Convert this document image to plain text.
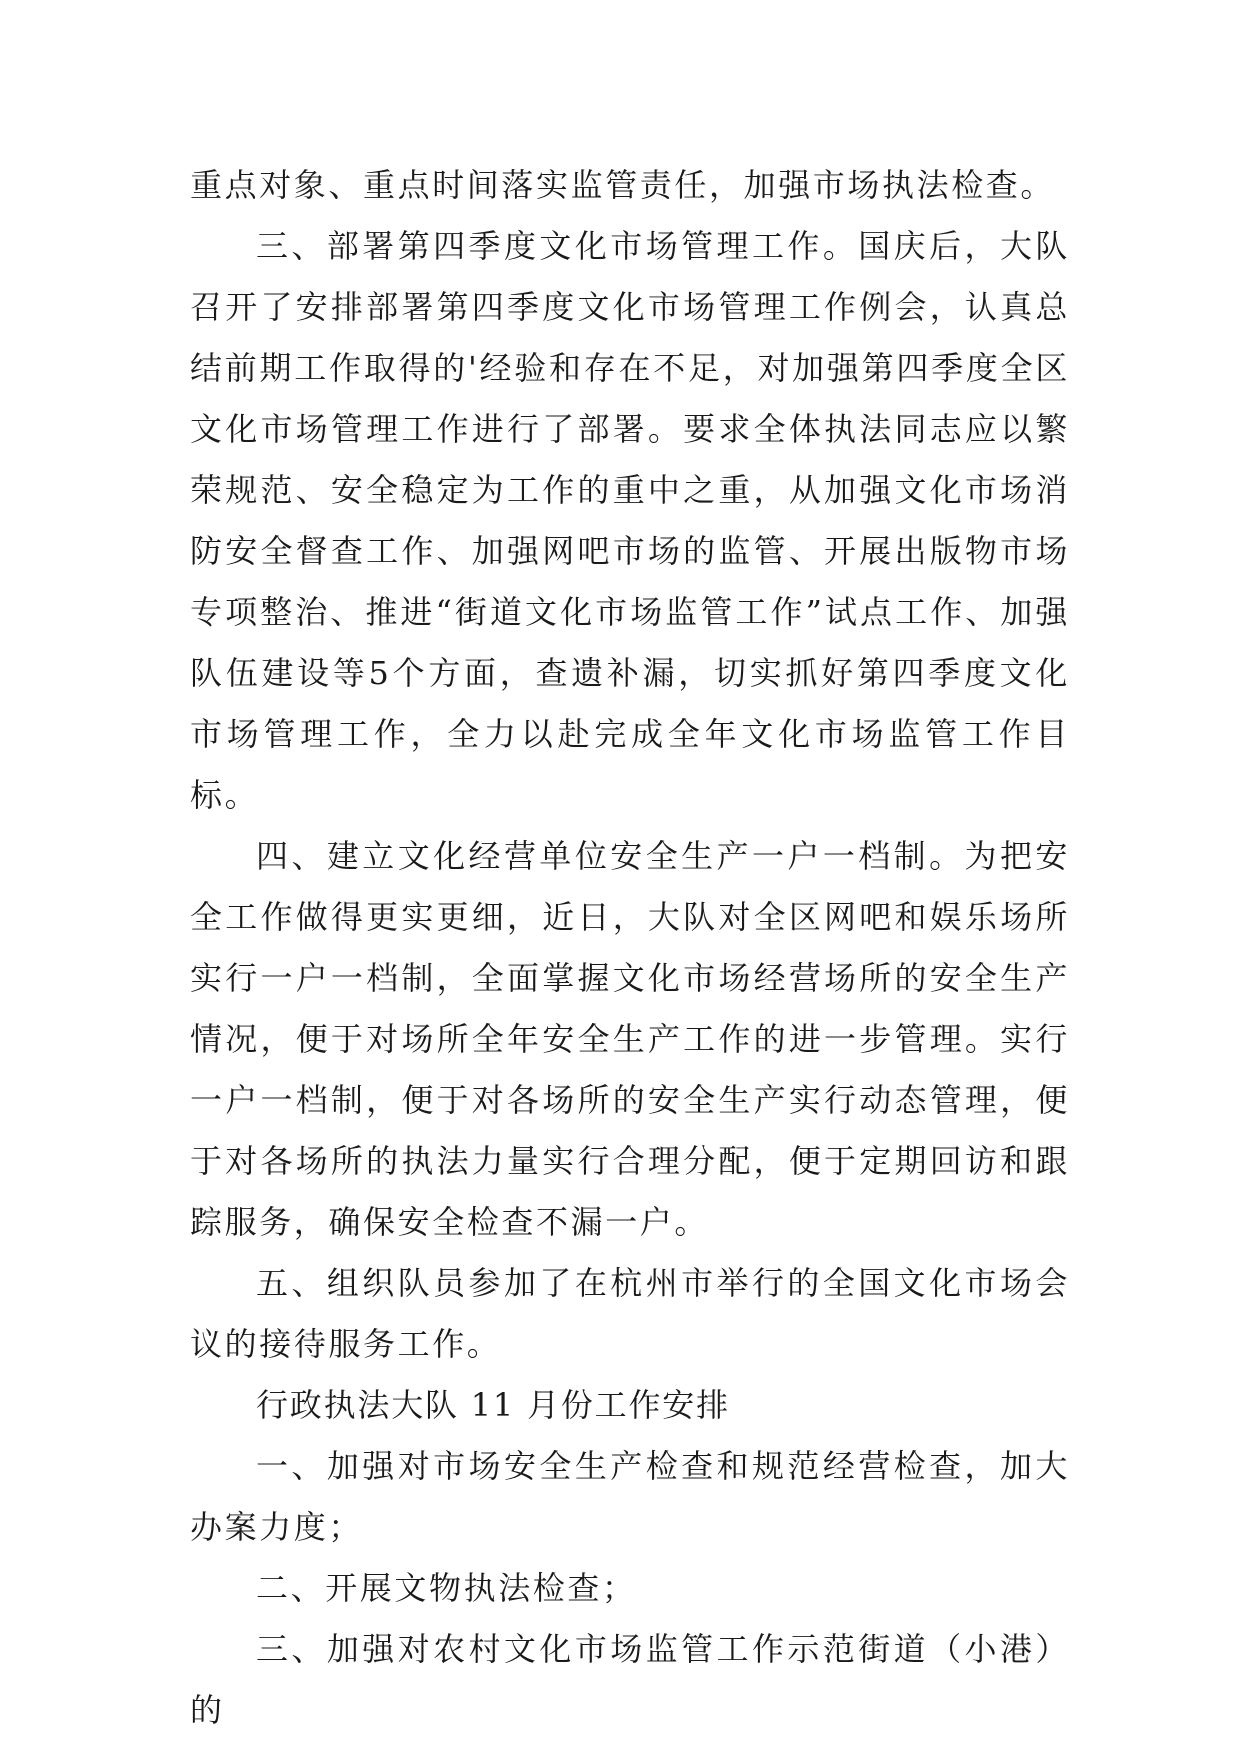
重点对象、重点时间落实监管责任，加强市场执法检查。

三、部署第四季度文化市场管理工作。国庆后，大队召开了安排部署第四季度文化市场管理工作例会，认真总结前期工作取得的'经验和存在不足，对加强第四季度全区文化市场管理工作进行了部署。要求全体执法同志应以繁荣规范、安全稳定为工作的重中之重，从加强文化市场消防安全督查工作、加强网吧市场的监管、开展出版物市场专项整治、推进“街道文化市场监管工作”试点工作、加强队伍建设等5个方面，查遗补漏，切实抓好第四季度文化市场管理工作，全力以赴完成全年文化市场监管工作目标。

四、建立文化经营单位安全生产一户一档制。为把安全工作做得更实更细，近日，大队对全区网吧和娱乐场所实行一户一档制，全面掌握文化市场经营场所的安全生产情况，便于对场所全年安全生产工作的进一步管理。实行一户一档制，便于对各场所的安全生产实行动态管理，便于对各场所的执法力量实行合理分配，便于定期回访和跟踪服务，确保安全检查不漏一户。

五、组织队员参加了在杭州市举行的全国文化市场会议的接待服务工作。

行政执法大队 11 月份工作安排

一、加强对市场安全生产检查和规范经营检查，加大办案力度；

二、开展文物执法检查；

三、加强对农村文化市场监管工作示范街道（小港）的
